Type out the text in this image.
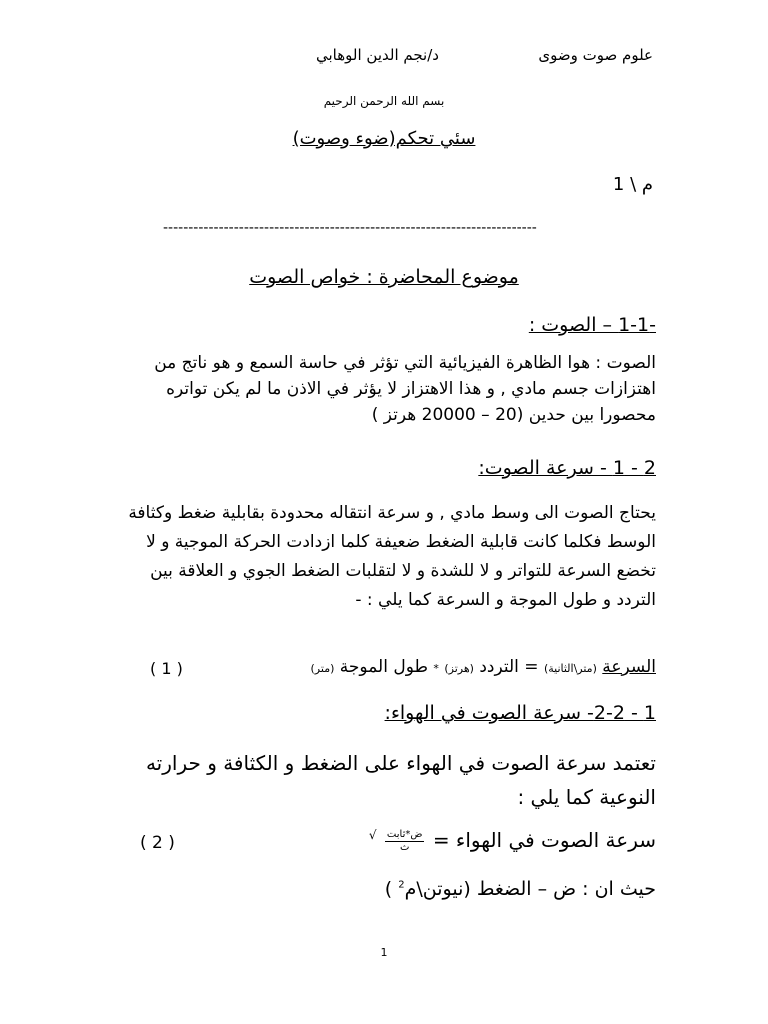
علوم صوت وضوى
د/نجم الدين الوهابي
بسم الله الرحمن الرحيم
سئي تحكم(ضوء وصوت)
م \ 1
--------------------------------------------------------------------------
موضوع المحاضرة : خواص الصوت
-1-1 – الصوت :
الصوت : هوا الظاهرة الفيزيائية التي تؤثر في حاسة السمع و هو ناتج من اهتزازات جسم مادي , و هذا الاهتزاز لا يؤثر في الاذن ما لم يكن تواتره محصورا بين حدين (20 – 20000 هرتز )
2 - 1 - سرعة الصوت:
يحتاج الصوت الى وسط مادي , و سرعة انتقاله محدودة بقابلية ضغط وكثافة الوسط فكلما كانت قابلية الضغط ضعيفة كلما ازدادت الحركة الموجية و لا تخضع السرعة للتواتر و لا للشدة و لا لتقلبات الضغط الجوي و العلاقة بين التردد و طول الموجة و السرعة كما يلي : -
السرعة (متر\الثانية) = التردد (هرتز) * طول الموجة (متر)
( 1 )
1 - 2-2- سرعة الصوت في الهواء:
تعتمد سرعة الصوت في الهواء على الضغط و الكثافة و حرارته النوعية كما يلي :
سرعة الصوت في الهواء =
$\frac{\text{ض*ثابت}}{\text{ث}}$
√
( 2 )
حيث ان : ض – الضغط (نيوتن\م$^2$ )
1
